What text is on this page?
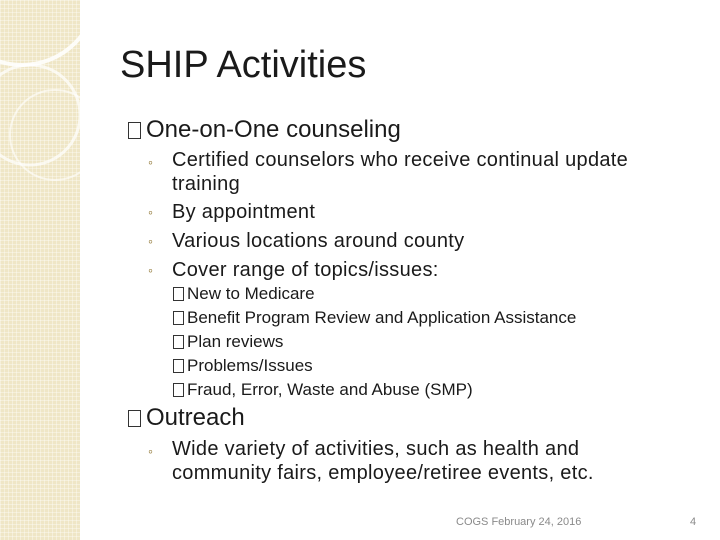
SHIP Activities
One-on-One counseling
◦ Certified counselors who receive continual update training
◦ By appointment
◦ Various locations around county
◦ Cover range of topics/issues:
New to Medicare
Benefit Program Review and Application Assistance
Plan reviews
Problems/Issues
Fraud, Error, Waste and Abuse (SMP)
Outreach
◦ Wide variety of activities, such as health and community fairs, employee/retiree events, etc.
COGS February 24, 2016	4
